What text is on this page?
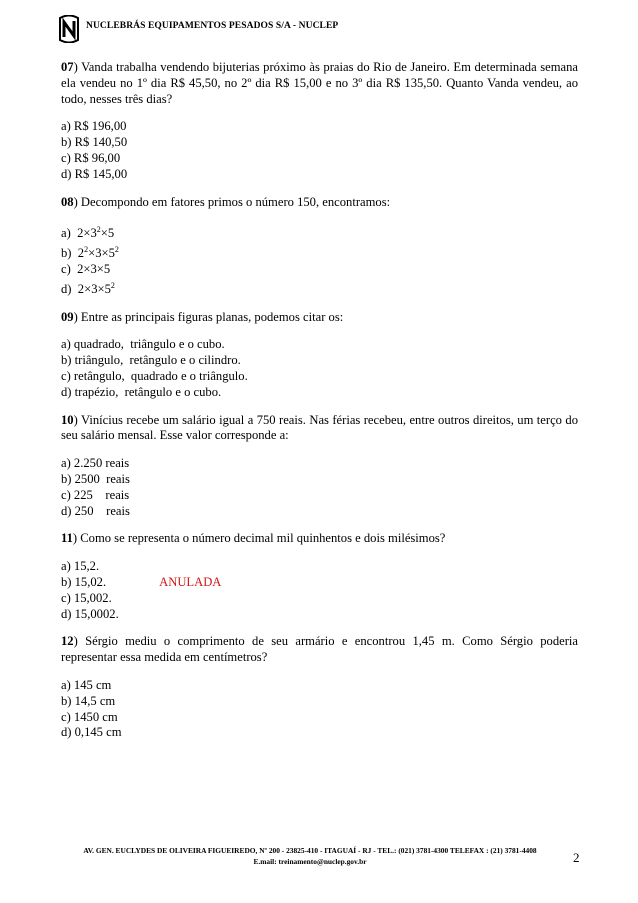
NUCLEBRÁS EQUIPAMENTOS PESADOS S/A - NUCLEP

07) Vanda trabalha vendendo bijuterias próximo às praias do Rio de Janeiro. Em determinada semana ela vendeu no 1º dia R$ 45,50, no 2º dia R$ 15,00 e no 3º dia R$ 135,50. Quanto Vanda vendeu, ao todo, nesses três dias?

a) R$ 196,00
b) R$ 140,50
c) R$ 96,00
d) R$ 145,00

08) Decompondo em fatores primos o número 150, encontramos:

a) $2\times 3^2\times 5$
b) $2^2\times 3\times 5^2$
c) 2×3×5
d) $2\times 3\times 5^2$

09) Entre as principais figuras planas, podemos citar os:

a) quadrado,  triângulo e o cubo.
b) triângulo,  retângulo e o cilindro.
c) retângulo,  quadrado e o triângulo.
d) trapézio,  retângulo e o cubo.

10) Vinícius recebe um salário igual a 750 reais. Nas férias recebeu, entre outros direitos, um terço do seu salário mensal. Esse valor corresponde a:

a) 2.250 reais
b) 2500  reais
c) 225    reais
d) 250    reais

11) Como se representa o número decimal mil quinhentos e dois milésimos?

a) 15,2.
b) 15,02.	ANULADA
c) 15,002.
d) 15,0002.

12) Sérgio mediu o comprimento de seu armário e encontrou 1,45 m. Como Sérgio poderia representar essa medida em centímetros?

a) 145 cm
b) 14,5 cm
c) 1450 cm
d) 0,145 cm
AV. GEN. EUCLYDES DE OLIVEIRA FIGUEIREDO, Nº 200 - 23825-410 - ITAGUAÍ - RJ - TEL.: (021) 3781-4300 TELEFAX : (21) 3781-4408
E.mail: treinamento@nuclep.gov.br	2
